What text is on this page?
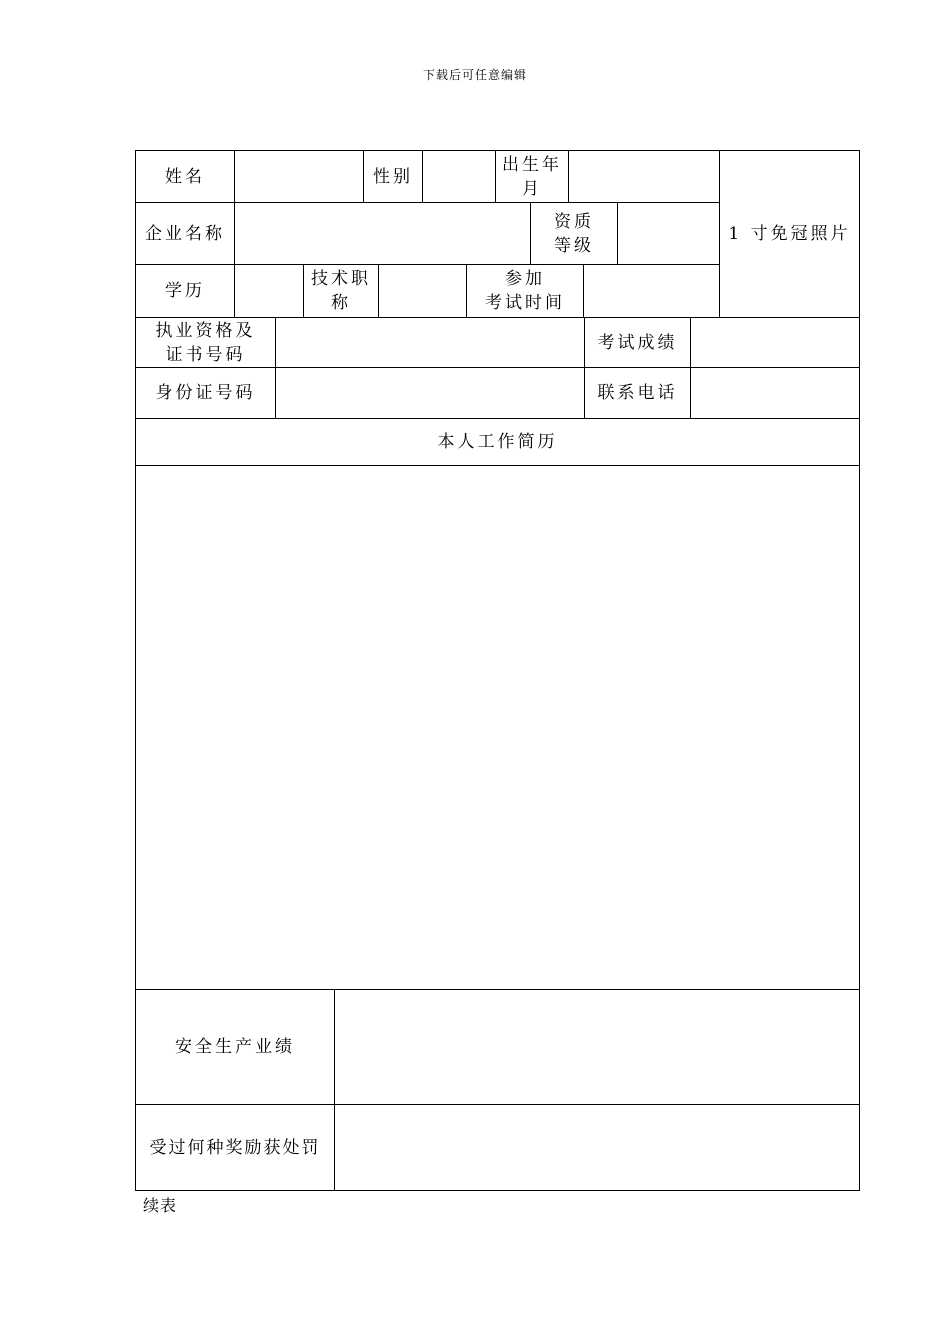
下载后可任意编辑
姓名	性别
出生年
月
1 寸免冠照片
企业名称
资质
等级
学历
技术职
称
参加
考试时间
执业资格及
证书号码
考试成绩
身份证号码	联系电话
本人工作简历
安全生产业绩
受过何种奖励获处罚
续表
